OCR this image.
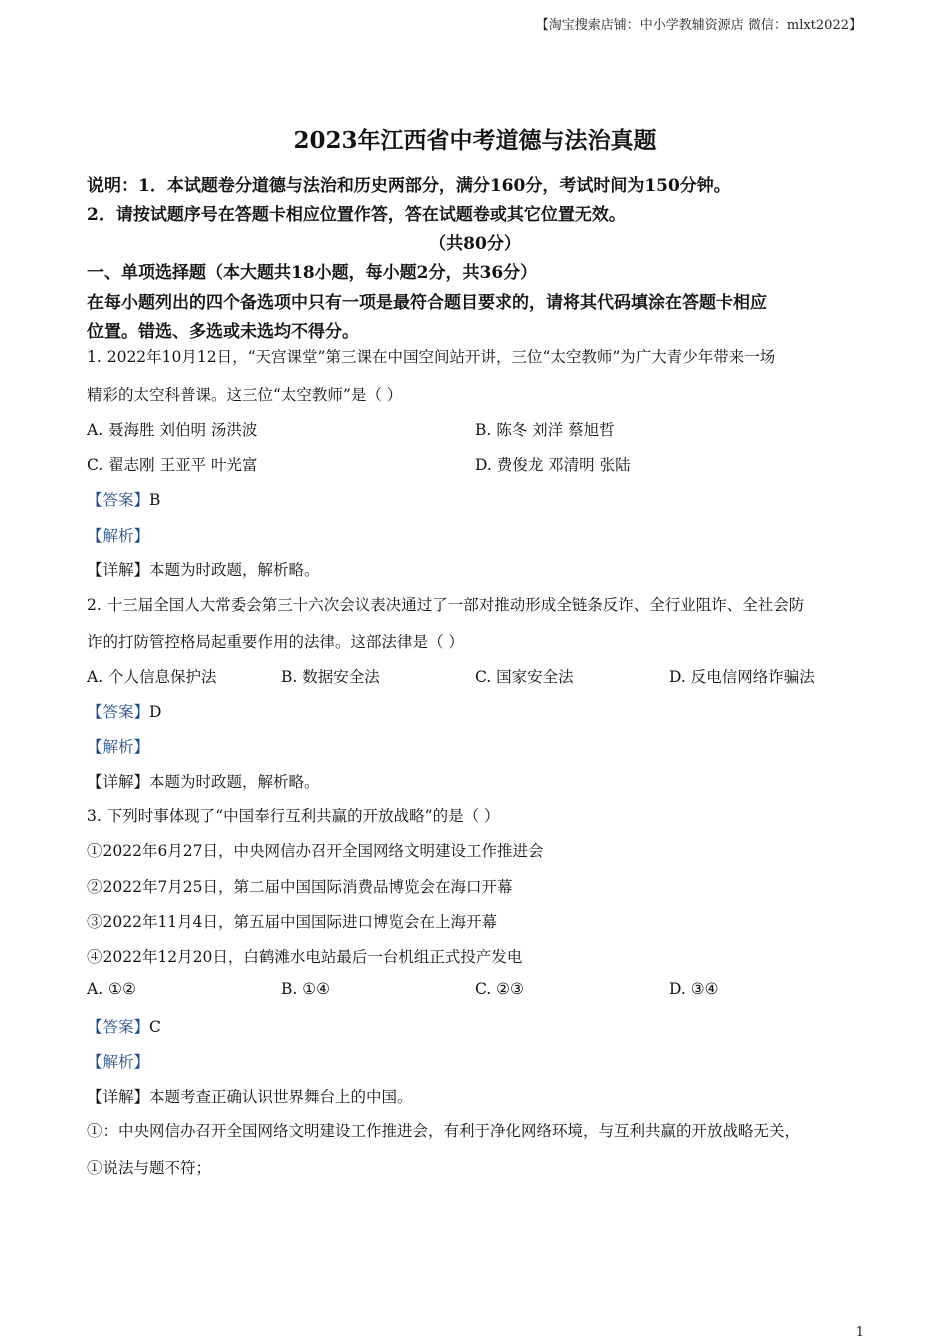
【淘宝搜索店铺：中小学教辅资源店 微信：mlxt2022】
2023年江西省中考道德与法治真题
说明：1．本试题卷分道德与法治和历史两部分，满分160分，考试时间为150分钟。
2．请按试题序号在答题卡相应位置作答，答在试题卷或其它位置无效。
（共80分）
一、单项选择题（本大题共18小题，每小题2分，共36分）
在每小题列出的四个备选项中只有一项是最符合题目要求的，请将其代码填涂在答题卡相应
位置。错选、多选或未选均不得分。
1. 2022年10月12日，“天宫课堂”第三课在中国空间站开讲，三位“太空教师”为广大青少年带来一场
精彩的太空科普课。这三位“太空教师”是（ ）
A. 聂海胜 刘伯明 汤洪波	B. 陈冬 刘洋 蔡旭哲
C. 翟志刚 王亚平 叶光富	D. 费俊龙 邓清明 张陆
【答案】B
【解析】
【详解】本题为时政题，解析略。
2. 十三届全国人大常委会第三十六次会议表决通过了一部对推动形成全链条反诈、全行业阻诈、全社会防
诈的打防管控格局起重要作用的法律。这部法律是（ ）
A. 个人信息保护法	B. 数据安全法	C. 国家安全法	D. 反电信网络诈骗法
【答案】D
【解析】
【详解】本题为时政题，解析略。
3. 下列时事体现了“中国奉行互利共赢的开放战略”的是（ ）
①2022年6月27日，中央网信办召开全国网络文明建设工作推进会
②2022年7月25日，第二届中国国际消费品博览会在海口开幕
③2022年11月4日，第五届中国国际进口博览会在上海开幕
④2022年12月20日，白鹤滩水电站最后一台机组正式投产发电
A. ①②	B. ①④	C. ②③	D. ③④
【答案】C
【解析】
【详解】本题考查正确认识世界舞台上的中国。
①：中央网信办召开全国网络文明建设工作推进会，有利于净化网络环境，与互利共赢的开放战略无关，
①说法与题不符；
1
